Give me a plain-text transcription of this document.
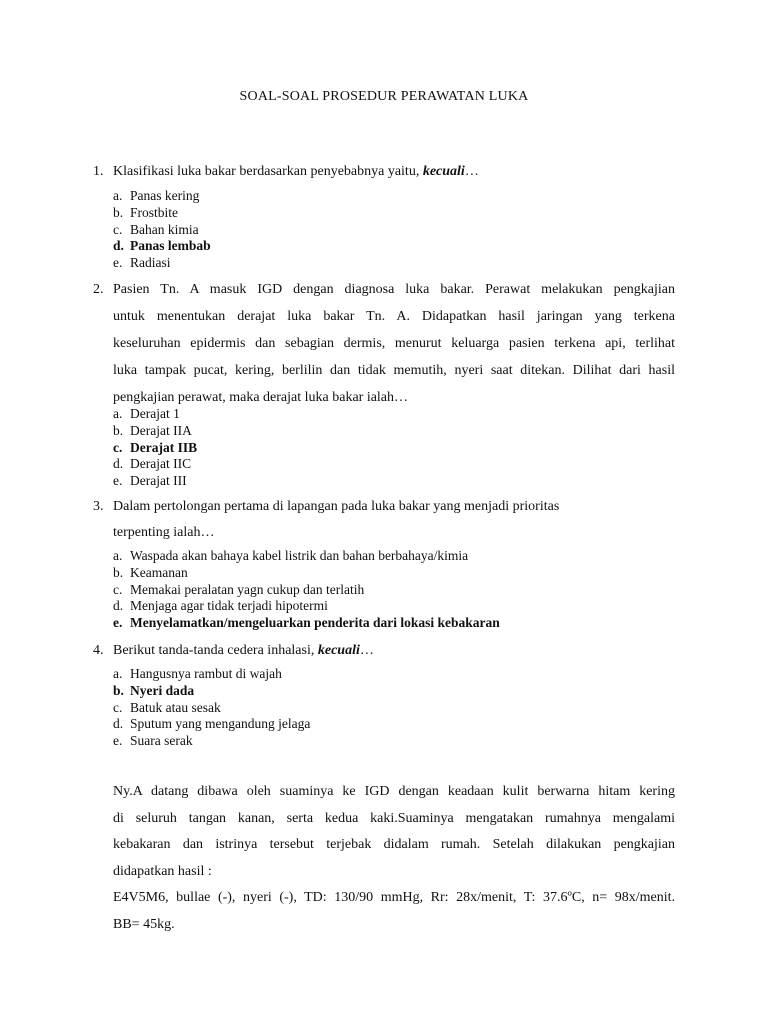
SOAL-SOAL PROSEDUR PERAWATAN LUKA
1. Klasifikasi luka bakar berdasarkan penyebabnya yaitu, kecuali…
a. Panas kering
b. Frostbite
c. Bahan kimia
d. Panas lembab
e. Radiasi
2. Pasien Tn. A masuk IGD dengan diagnosa luka bakar. Perawat melakukan pengkajian
untuk menentukan derajat luka bakar Tn. A. Didapatkan hasil jaringan yang terkena
keseluruhan epidermis dan sebagian dermis, menurut keluarga pasien terkena api, terlihat
luka tampak pucat, kering, berlilin dan tidak memutih, nyeri saat ditekan. Dilihat dari hasil
pengkajian perawat, maka derajat luka bakar ialah…
a. Derajat 1
b. Derajat IIA
c. Derajat IIB
d. Derajat IIC
e. Derajat III
3. Dalam pertolongan pertama di lapangan pada luka bakar yang menjadi prioritas
terpenting ialah…
a. Waspada akan bahaya kabel listrik dan bahan berbahaya/kimia
b. Keamanan
c. Memakai peralatan yagn cukup dan terlatih
d. Menjaga agar tidak terjadi hipotermi
e. Menyelamatkan/mengeluarkan penderita dari lokasi kebakaran
4. Berikut tanda-tanda cedera inhalasi, kecuali…
a. Hangusnya rambut di wajah
b. Nyeri dada
c. Batuk atau sesak
d. Sputum yang mengandung jelaga
e. Suara serak
Ny.A datang dibawa oleh suaminya ke IGD dengan keadaan kulit berwarna hitam kering
di seluruh tangan kanan, serta kedua kaki.Suaminya mengatakan rumahnya mengalami
kebakaran dan istrinya tersebut terjebak didalam rumah. Setelah dilakukan pengkajian
didapatkan hasil :
E4V5M6, bullae (-), nyeri (-), TD: 130/90 mmHg, Rr: 28x/menit, T: 37.6ºC, n= 98x/menit.
BB= 45kg.
